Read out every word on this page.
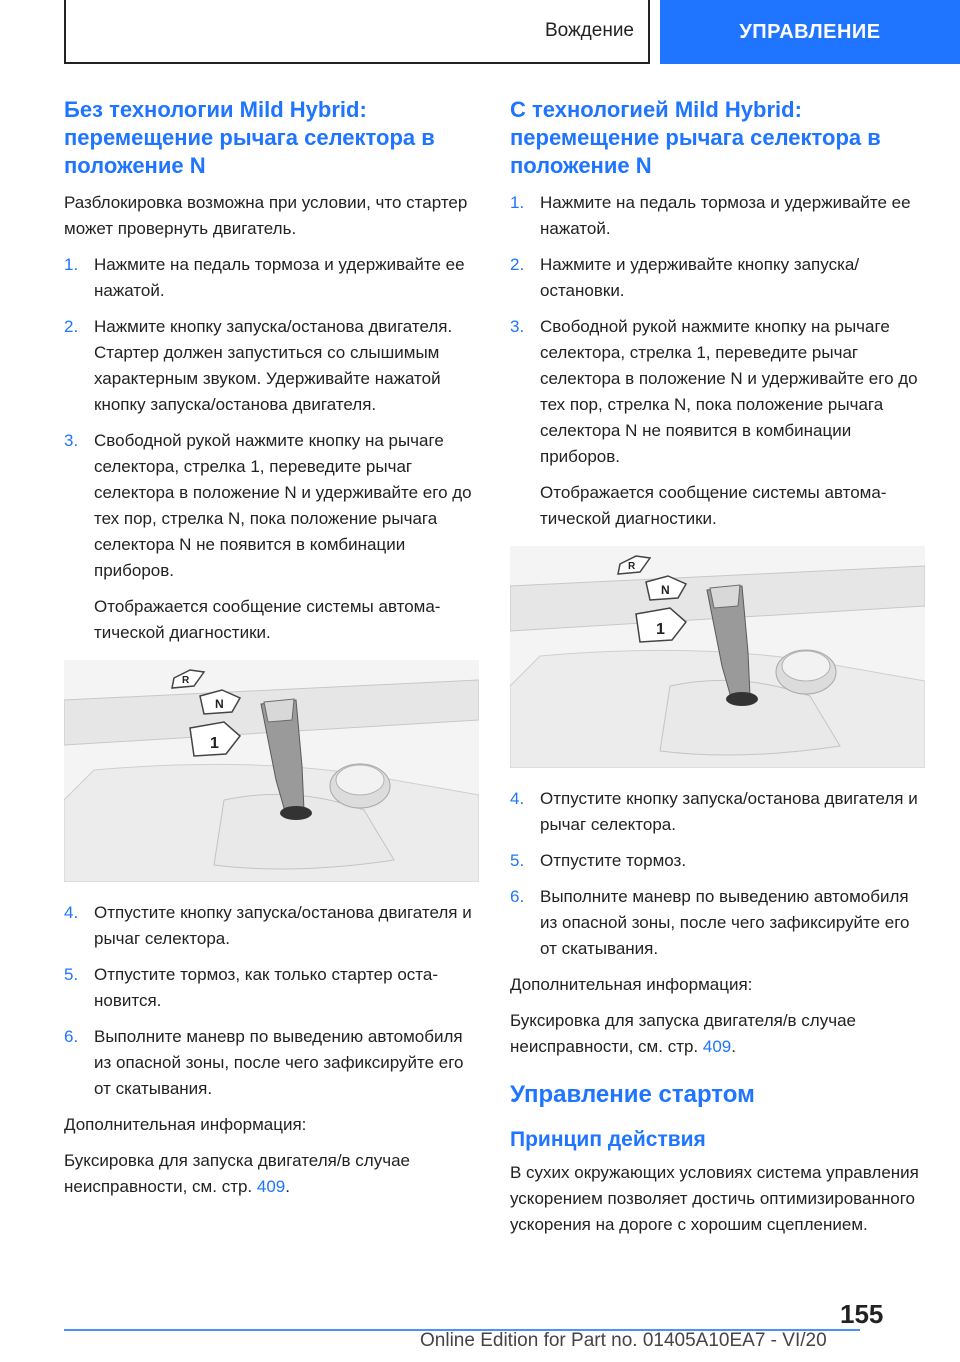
Вождение	УПРАВЛЕНИЕ
Без технологии Mild Hybrid: перемещение рычага селектора в положение N

Разблокировка возможна при условии, что стартер может провернуть двигатель.

1. Нажмите на педаль тормоза и удерживайте ее нажатой.

2. Нажмите кнопку запуска/останова двигателя. Стартер должен запуститься со слышимым характерным звуком. Удерживайте нажатой кнопку запуска/останова двигателя.

3. Свободной рукой нажмите кнопку на рычаге селектора, стрелка 1, переведите рычаг селектора в положение N и удерживайте его до тех пор, стрелка N, пока положение рычага селектора N не появится в комбинации приборов.

Отображается сообщение системы автоматической диагностики.

R
N
1
4. Отпустите кнопку запуска/останова двигателя и рычаг селектора.

5. Отпустите тормоз, как только стартер остановится.

6. Выполните маневр по выведению автомобиля из опасной зоны, после чего зафиксируйте его от скатывания.

Дополнительная информация:

Буксировка для запуска двигателя/в случае неисправности, см. стр. 409.

С технологией Mild Hybrid: перемещение рычага селектора в положение N
1. Нажмите на педаль тормоза и удерживайте ее нажатой.

2. Нажмите и удерживайте кнопку запуска/остановки.

3. Свободной рукой нажмите кнопку на рычаге селектора, стрелка 1, переведите рычаг селектора в положение N и удерживайте его до тех пор, стрелка N, пока положение рычага селектора N не появится в комбинации приборов.

Отображается сообщение системы автоматической диагностики.

R
N
1
4. Отпустите кнопку запуска/останова двигателя и рычаг селектора.

5. Отпустите тормоз.

6. Выполните маневр по выведению автомобиля из опасной зоны, после чего зафиксируйте его от скатывания.

Дополнительная информация:

Буксировка для запуска двигателя/в случае неисправности, см. стр. 409.

Управление стартом
Принцип действия

В сухих окружающих условиях система управления ускорением позволяет достичь оптимизированного ускорения на дороге с хорошим сцеплением.

155
Online Edition for Part no. 01405A10EA7 - VI/20
